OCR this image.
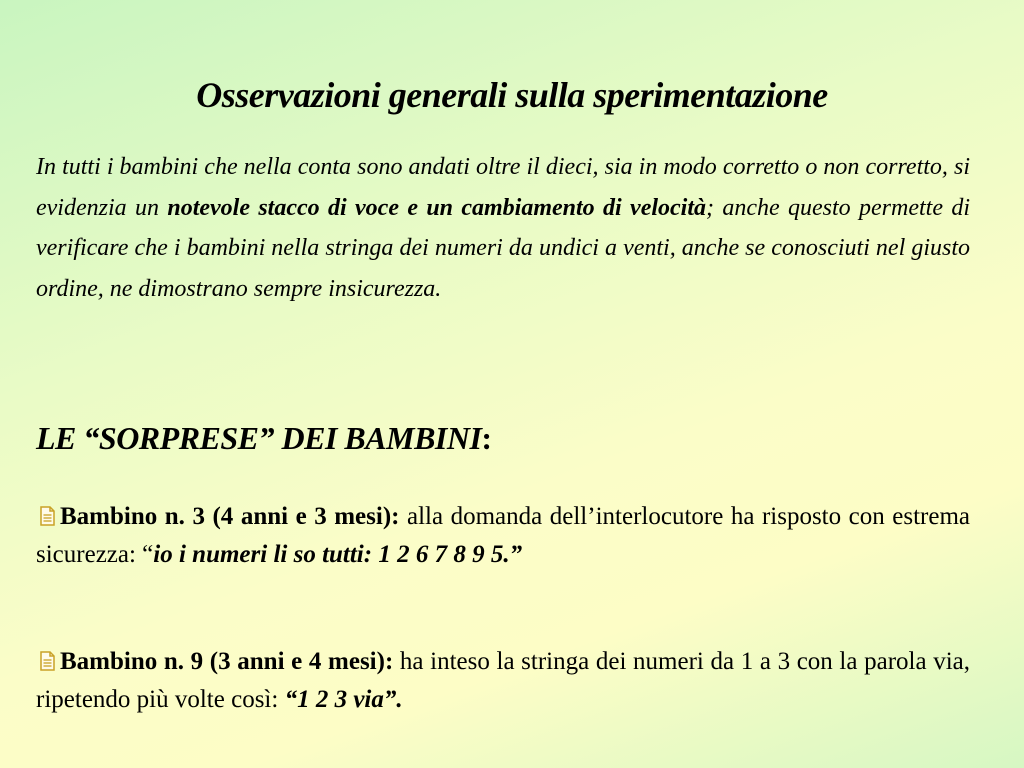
Osservazioni generali sulla sperimentazione

In tutti i bambini che nella conta sono andati oltre il dieci, sia in modo corretto o non corretto, si evidenzia un notevole stacco di voce e un cambiamento di velocità; anche questo permette di verificare che i bambini nella stringa dei numeri da undici a venti, anche se conosciuti nel giusto ordine, ne dimostrano sempre insicurezza.

LE “SORPRESE” DEI BAMBINI:

Bambino n. 3 (4 anni e 3 mesi): alla domanda dell’interlocutore ha risposto con estrema sicurezza: “io i numeri li so tutti: 1 2 6 7 8 9 5.”

Bambino n. 9 (3 anni e 4 mesi): ha inteso la stringa dei numeri da 1 a 3 con la parola via, ripetendo più volte così: “1 2 3 via”.
